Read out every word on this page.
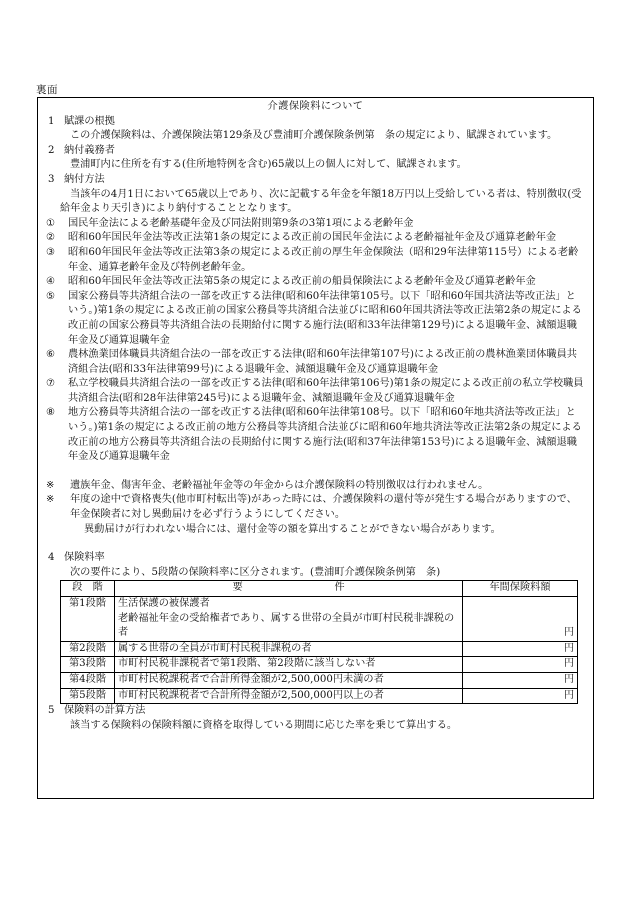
裏面
介護保険料について
1 賦課の根拠
この介護保険料は、介護保険法第129条及び豊浦町介護保険条例第　条の規定により、賦課されています。
2 納付義務者
豊浦町内に住所を有する(住所地特例を含む)65歳以上の個人に対して、賦課されます。
3 納付方法
当該年の4月1日において65歳以上であり、次に記載する年金を年額18万円以上受給している者は、特別徴収(受給年金より天引き)により納付することとなります。
①	国民年金法による老齢基礎年金及び同法附則第9条の3第1項による老齢年金
②	昭和60年国民年金法等改正法第1条の規定による改正前の国民年金法による老齢福祉年金及び通算老齢年金
③	昭和60年国民年金法等改正法第3条の規定による改正前の厚生年金保険法（昭和29年法律第115号）による老齢年金、通算老齢年金及び特例老齢年金。
④	昭和60年国民年金法等改正法第5条の規定による改正前の船員保険法による老齢年金及び通算老齢年金
⑤	国家公務員等共済組合法の一部を改正する法律(昭和60年法律第105号。以下「昭和60年国共済法等改正法」という。)第1条の規定による改正前の国家公務員等共済組合法並びに昭和60年国共済法等改正法第2条の規定による改正前の国家公務員等共済組合法の長期給付に関する施行法(昭和33年法律第129号)による退職年金、減額退職年金及び通算退職年金
⑥	農林漁業団体職員共済組合法の一部を改正する法律(昭和60年法律第107号)による改正前の農林漁業団体職員共済組合法(昭和33年法律第99号)による退職年金、減額退職年金及び通算退職年金
⑦	私立学校職員共済組合法の一部を改正する法律(昭和60年法律第106号)第1条の規定による改正前の私立学校職員共済組合法(昭和28年法律第245号)による退職年金、減額退職年金及び通算退職年金
⑧	地方公務員等共済組合法の一部を改正する法律(昭和60年法律第108号。以下「昭和60年地共済法等改正法」という。)第1条の規定による改正前の地方公務員等共済組合法並びに昭和60年地共済法等改正法第2条の規定による改正前の地方公務員等共済組合法の長期給付に関する施行法(昭和37年法律第153号)による退職年金、減額退職年金及び通算退職年金
※	遺族年金、傷害年金、老齢福祉年金等の年金からは介護保険料の特別徴収は行われません。
※	年度の途中で資格喪失(他市町村転出等)があった時には、介護保険料の還付等が発生する場合がありますので、年金保険者に対し異動届けを必ず行うようにしてください。
異動届けが行われない場合には、還付金等の額を算出することができない場合があります。
4 保険料率
次の要件により、5段階の保険料率に区分されます。(豊浦町介護保険条例第　条)
段　階	要　　　　　　　　　件	年間保険料額
第1段階	生活保護の被保護者
老齢福祉年金の受給権者であり、属する世帯の全員が市町村民税非課税の者	円
第2段階	属する世帯の全員が市町村民税非課税の者	円
第3段階	市町村民税非課税者で第1段階、第2段階に該当しない者	円
第4段階	市町村民税課税者で合計所得金額が2,500,000円未満の者	円
第5段階	市町村民税課税者で合計所得金額が2,500,000円以上の者	円
5 保険料の計算方法
該当する保険料の保険料額に資格を取得している期間に応じた率を乗じて算出する。
